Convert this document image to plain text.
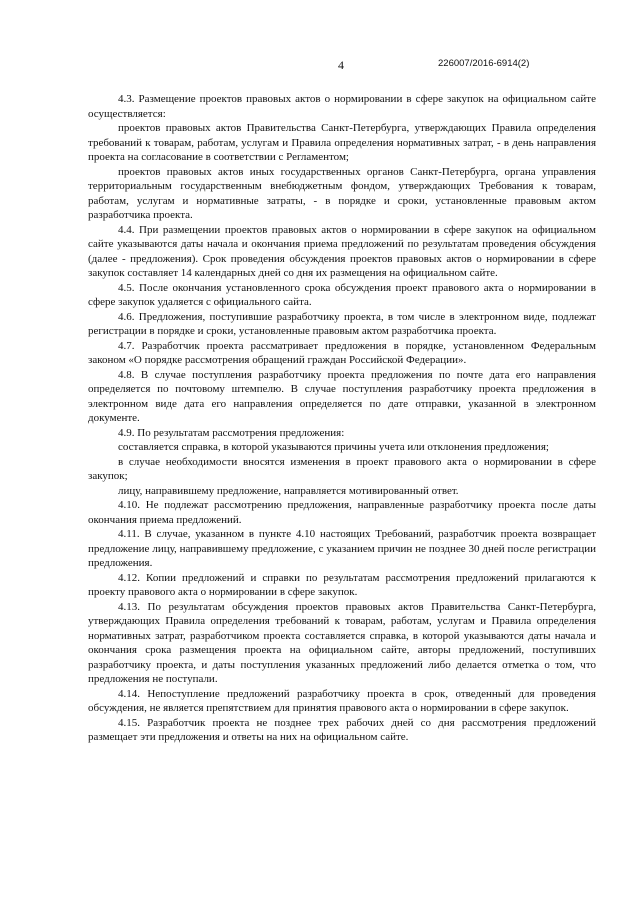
4	226007/2016-6914(2)

4.3. Размещение проектов правовых актов о нормировании в сфере закупок на официальном сайте осуществляется:

проектов правовых актов Правительства Санкт-Петербурга, утверждающих Правила определения требований к товарам, работам, услугам и Правила определения нормативных затрат, - в день направления проекта на согласование в соответствии с Регламентом;

проектов правовых актов иных государственных органов Санкт-Петербурга, органа управления территориальным государственным внебюджетным фондом, утверждающих Требования к товарам, работам, услугам и нормативные затраты, - в порядке и сроки, установленные правовым актом разработчика проекта.

4.4. При размещении проектов правовых актов о нормировании в сфере закупок на официальном сайте указываются даты начала и окончания приема предложений по результатам проведения обсуждения (далее - предложения). Срок проведения обсуждения проектов правовых актов о нормировании в сфере закупок составляет 14 календарных дней со дня их размещения на официальном сайте.

4.5. После окончания установленного срока обсуждения проект правового акта о нормировании в сфере закупок удаляется с официального сайта.

4.6. Предложения, поступившие разработчику проекта, в том числе в электронном виде, подлежат регистрации в порядке и сроки, установленные правовым актом разработчика проекта.

4.7. Разработчик проекта рассматривает предложения в порядке, установленном Федеральным законом «О порядке рассмотрения обращений граждан Российской Федерации».

4.8. В случае поступления разработчику проекта предложения по почте дата его направления определяется по почтовому штемпелю. В случае поступления разработчику проекта предложения в электронном виде дата его направления определяется по дате отправки, указанной в электронном документе.

4.9. По результатам рассмотрения предложения:

составляется справка, в которой указываются причины учета или отклонения предложения;

в случае необходимости вносятся изменения в проект правового акта о нормировании в сфере закупок;

лицу, направившему предложение, направляется мотивированный ответ.

4.10. Не подлежат рассмотрению предложения, направленные разработчику проекта после даты окончания приема предложений.

4.11. В случае, указанном в пункте 4.10 настоящих Требований, разработчик проекта возвращает предложение лицу, направившему предложение, с указанием причин не позднее 30 дней после регистрации предложения.

4.12. Копии предложений и справки по результатам рассмотрения предложений прилагаются к проекту правового акта о нормировании в сфере закупок.

4.13. По результатам обсуждения проектов правовых актов Правительства Санкт-Петербурга, утверждающих Правила определения требований к товарам, работам, услугам и Правила определения нормативных затрат, разработчиком проекта составляется справка, в которой указываются даты начала и окончания срока размещения проекта на официальном сайте, авторы предложений, поступивших разработчику проекта, и даты поступления указанных предложений либо делается отметка о том, что предложения не поступали.

4.14. Непоступление предложений разработчику проекта в срок, отведенный для проведения обсуждения, не является препятствием для принятия правового акта о нормировании в сфере закупок.

4.15. Разработчик проекта не позднее трех рабочих дней со дня рассмотрения предложений размещает эти предложения и ответы на них на официальном сайте.
